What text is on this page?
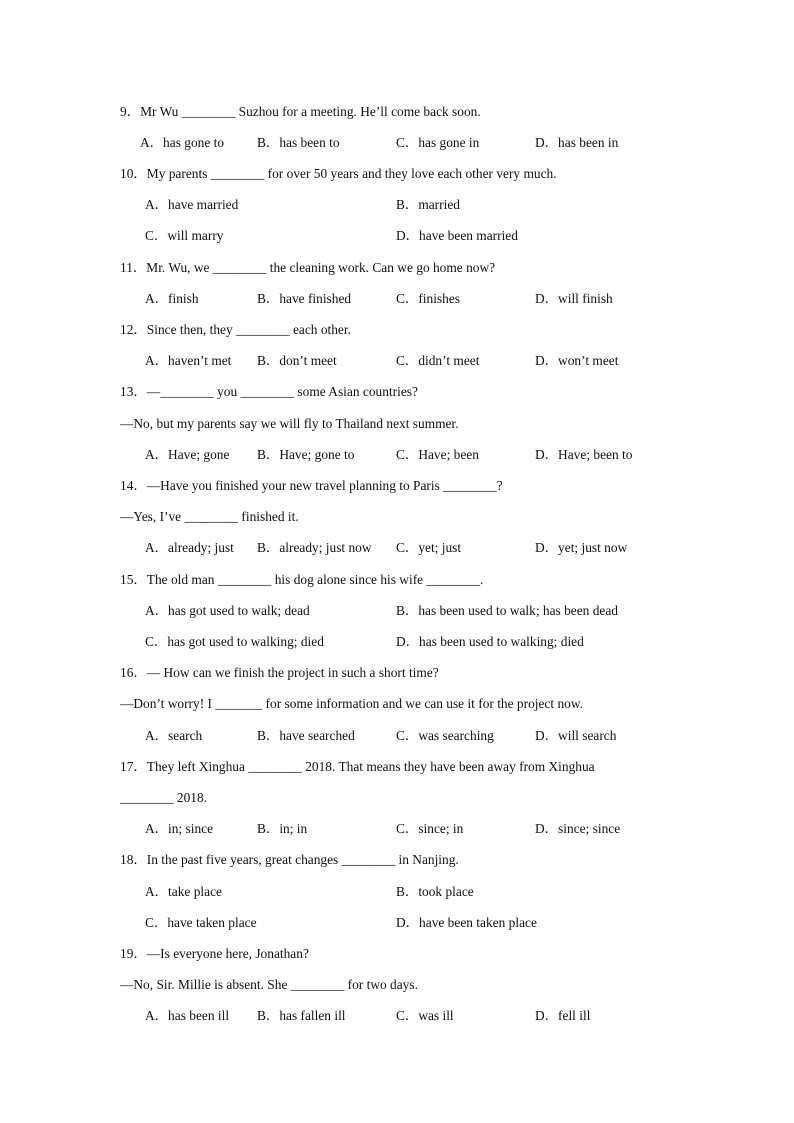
9．Mr Wu ________ Suzhou for a meeting. He’ll come back soon.
A．has gone to B．has been to	C．has gone in	D．has been in
10．My parents ________ for over 50 years and they love each other very much.
A．have married	B．married
C．will marry	D．have been married
11．Mr. Wu, we ________ the cleaning work. Can we go home now?
A．finish	B．have finished	C．finishes	D．will finish
12．Since then, they ________ each other.
A．haven’t met B．don’t meet	C．didn’t meet	D．won’t meet
13．—________ you ________ some Asian countries?
—No, but my parents say we will fly to Thailand next summer.
A．Have; gone B．Have; gone to	C．Have; been	D．Have; been to
14．—Have you finished your new travel planning to Paris ________?
—Yes, I’ve ________ finished it.
A．already; just B．already; just now C．yet; just	D．yet; just now
15．The old man ________ his dog alone since his wife ________.
A．has got used to walk; dead	B．has been used to walk; has been dead
C．has got used to walking; died	D．has been used to walking; died
16．— How can we finish the project in such a short time?
—Don’t worry! I _______ for some information and we can use it for the project now.
A．search	B．have searched	C．was searching	D．will search
17．They left Xinghua ________ 2018. That means they have been away from Xinghua
________ 2018.
A．in; since	B．in; in	C．since; in	D．since; since
18．In the past five years, great changes ________ in Nanjing.
A．take place	B．took place
C．have taken place	D．have been taken place
19．—Is everyone here, Jonathan?
—No, Sir. Millie is absent. She ________ for two days.
A．has been ill B．has fallen ill	C．was ill	D．fell ill
